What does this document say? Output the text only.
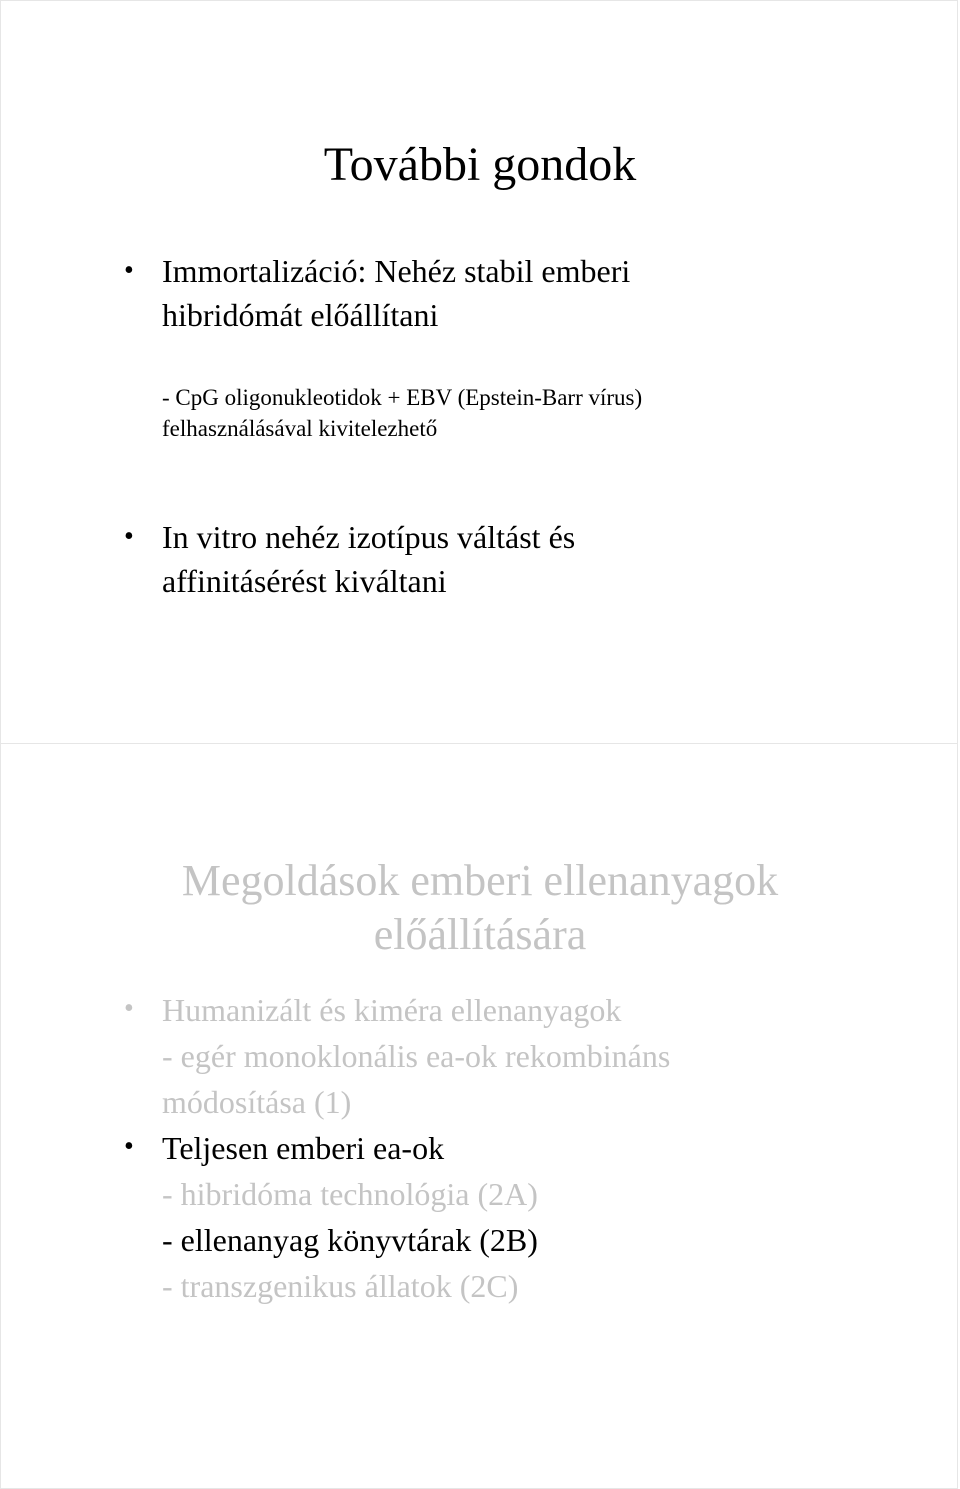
További gondok
• Immortalizáció: Nehéz stabil emberi
hibridómát előállítani
- CpG oligonukleotidok + EBV (Epstein-Barr vírus)
felhasználásával kivitelezhető
• In vitro nehéz izotípus váltást és
affinitásérést kiváltani
Megoldások emberi ellenanyagok
előállítására
•
•
Humanizált és kiméra ellenanyagok
- egér monoklonális ea-ok rekombináns
módosítása (1)
Teljesen emberi ea-ok
- hibridóma technológia (2A)
- ellenanyag könyvtárak (2B)
- transzgenikus állatok (2C)
